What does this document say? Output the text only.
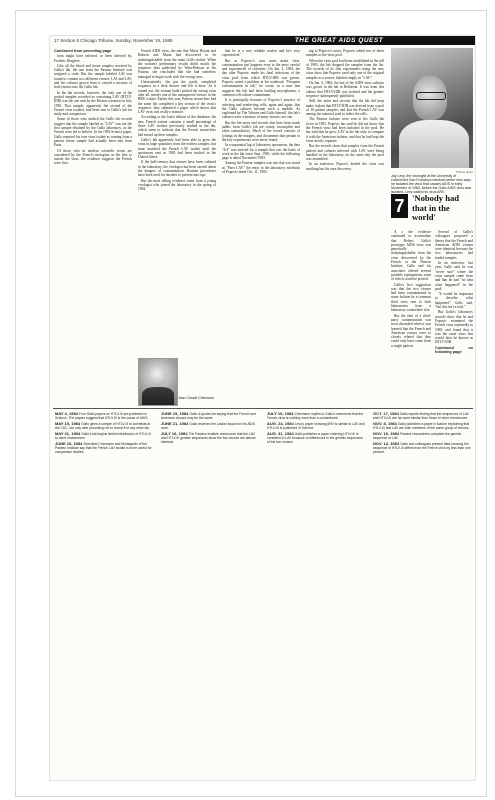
17 Section 5 Chicago Tribune, Sunday, November 19, 1989	THE GREAT AIDS QUEST

Continued from preceding page

born might have infected, or been infected by, Frederic Brugiere.

Like all the blood and tissue samples received by Gallo's lab, the one from the Pasteur Institute was assigned a code. But the sample labeled LAI was found to contain two different viruses, LAI and LAV, and the cultures grown from it carried a mixture of both viruses into the Gallo lab.

In the lab records, however, the only one of the pooled samples recorded as containing LAV (HTLV-IIIB) was the one sent by the Pasteur scientists in July 1983. That sample, apparently the second of the French virus isolates, had been sent to Gallo's lab for study and comparison.

Some of those who studied the Gallo lab records suggest that the sample labeled as "LAV" was not the first sample obtained by the Gallo laboratory, as the French were led to believe. In his 1983 Science paper, Gallo reported his own virus isolate as coming from a patient whose sample had actually been sent from Paris.

Of those who in modern scientific terms are considered by the French virologists as the first to isolate the virus, the evidence suggests the French were first.

French AIDS virus, the one that Marty Bryant and Babson and Maria had discovered to be indistinguishable from the main Gallo isolate. When the women's preliminary results didn't match the sequence data published by Wain-Hobson at the Pasteur, she concluded that she had somehow managed to begin work with the wrong virus.

Unfortunately, she put the partly completed sequence in a desk drawer and left it there. As it turned out, the woman hadn't picked the wrong virus after all, merely one of the unsuspected viruses in the BRU isolate. Earlier this year, Pasteur researchers had the same lab completed a key section of the virus's sequence, they submitted a paper which shows that LAV virus was really a mixture.

According to the latest edition of the database, the new French variant contains a small percentage of those LAV isolates previously studied in the lab, which seem to indicate that the French researchers had mixed up their samples.

Gallo's lab apparently had been able to grow the virus in large quantities from the earliest samples, but none matched the French LAV isolate until the specimens sent in 1983 had been studied in the United States.

If the half-century that viruses have been cultured in the laboratory, the virologist has been careful about the dangers of contamination. Routine procedures have been used for decades to prevent mix-ups.

But the most telling evidence came from a young virologist who joined the laboratory in the spring of 1984.

that he is a very reliable worker and he's very experienced."

But as Popovic's own notes make clear, contamination just happens even to the most careful and experienced of scientists. On Jan. 3, 1984, the day after Popovic made his final infections of the virus pool from which HTLV-IIIB was grown, Popovic noted a problem in his notebook. "Frequent contamination in lab," he wrote, in a note that suggests the lab had been battling mycoplasma, a common cell culture contaminant.

It is principally because of Popovic's practice of infecting and reinfecting cells, again and again, that the Gallo cultures became such a muddle. As explained by The Tribune and Gallo himself, the lab's cultures were a mixture of many viruses, not one.

But the lab notes and records that have been made public from Gallo's lab are scanty, incomplete and often contradictory. Much of the record consists of jottings in the margins, and documents that pertain to the key experiments were never found.

In a sequential log of laboratory specimens, the date "4/4" was entered for a sample that was the basis of work in the lab since Sept. 1983, while the following page is dated November 1983.

Among the Pasteur samples was one that was noted as "Paris LAV," the entry in the laboratory notebook of Popovic dated Oct. 11, 1983.

ing to Popovic's notes, Popovic added two of these samples to the virus pool.

When the virus pool had been established in the fall of 1983, the lab dropped the samples from the list. The records of its first experiments using the new virus show that Popovic used only one of the original samples as a source, labeled simply as "LAV."

On Jan. 3, 1984, the last of the AIDS virus cultures was grown in the lab in Bethesda. It was from this culture that HTLV-IIIB was isolated and the genetic sequence subsequently published.

Still, the notes and records that the lab did keep make it plain that HTLV-IIIB was derived from a pool of 10 patient samples, and that the French LAV was among the material used to infect the cells.

The Pasteur isolates were sent to the Gallo lab twice in 1983. Popovic has said he did not know that the French virus had been included in the pool. He has said that he grew LAV in the lab only to compare it with the American isolates, and that he had kept the virus strictly separate.

But the records show that samples from the French patient and cultures infected with LAV were being handled in the laboratory on the same day the pool was assembled.

In an interview, Popovic denied the virus was anything but his own discovery.

Tribune photo
Jay Levy, the virologist at the University of California's San Francisco medical center who says he isolated the virus that causes AIDS in early November of 1983, before the Gallo AIDS virus was isolated. Levy called his virus ARV.
7 'Nobody had that in the world'

A s the evidence continued to accumulate that Robert Gallo's prototype AIDS virus was genetically indistinguishable from the virus discovered by the French at the Pasteur Institute, Gallo and his associates offered several possible explanations, none of which could be proved.

Gallo's first suggestion was that the two viruses had been contaminated in some fashion by a common third virus sent to both laboratories from a laboratory somewhere else.

But the idea of a third-party contamination was soon discarded when it was learned that the French and American viruses were so closely related that they could only have come from a single patient.

Several of Gallo's colleagues proposed a theory that the French and American AIDS viruses were identical because the two laboratories had traded samples.

In an interview last year, Gallo said he was "never sure" where the virus sample came from and that he had "no idea what happened" in the pool.

"It would be important to describe what happened," Gallo said, "but this isn't a trial."

But Gallo's laboratory records show that he and Popovic examined the French virus repeatedly in 1983, and found that it was the same virus that would later be known as HTLV-IIIB.

Continued on following page

Jean-Claude Chermann
MAY 4, 1984 Four Gallo papers on HTLV-III are published in Science. The papers suggest that HTLV-III is the cause of AIDS.
MAY 15, 1984 Gallo gives a sample of HTLV-III to scientists at the CDC, but only after promising not to reveal it to any other lab.
MAY 31, 1984 Gallo's lab begins limited distribution of HTLV-III to other researchers.
JUNE 15, 1984 Scientists Chermann and Montagnier of the Pasteur Institute say that the French LAV isolate is more useful for comparison studies.
JUNE 19, 1984 Gallo is quoted as saying that the French and American viruses may be the same.
JUNE 21, 1984 Gallo receives the Lasker Award for his AIDS work.
JULY 16, 1984 The Pasteur Institute announces that the LAV and HTLV-III genetic sequences show the two viruses are almost identical.
JULY 19, 1984 Chermann replies to Gallo's comments that the French virus is nothing more than a contaminant.
AUG. 24, 1984 Levy's paper showing ARV is similar to LAV and HTLV-III is published in Science.
AUG. 31, 1984 Gallo publishes a paper claiming HTLV-III is unrelated to LAV because of differences in the genetic sequences of the two viruses.
OCT. 17, 1984 Gallo reports finding that the sequences of LAV and HTLV-III are far more similar than those of other retroviruses.
NOV. 8, 1984 Gallo publishes a paper in Nature explaining that HTLV-III and LAV are both members of the same group of viruses.
NOV. 10, 1984 Pasteur researchers complete the genetic sequence of LAV.
NOV. 13, 1984 Gallo and colleagues present data showing the sequence of HTLV-III differs from the French virus by less than one percent.
